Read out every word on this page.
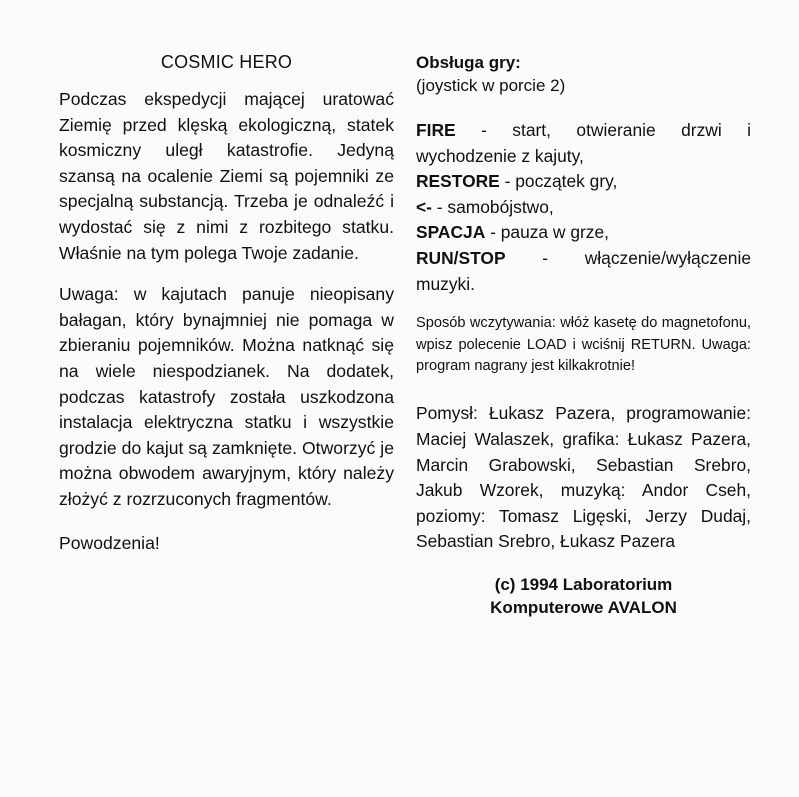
COSMIC HERO

Podczas ekspedycji mającej uratować Ziemię przed klęską ekologiczną, statek kosmiczny uległ katastrofie. Jedyną szansą na ocalenie Ziemi są pojemniki ze specjalną substancją. Trzeba je odnaleźć i wydostać się z nimi z rozbitego statku. Właśnie na tym polega Twoje zadanie.

Uwaga: w kajutach panuje nieopisany bałagan, który bynajmniej nie pomaga w zbieraniu pojemników. Można natknąć się na wiele niespodzianek. Na dodatek, podczas katastrofy została uszkodzona instalacja elektryczna statku i wszystkie grodzie do kajut są zamknięte. Otworzyć je można obwodem awaryjnym, który należy złożyć z rozrzuconych fragmentów.

Powodzenia!

Obsługa gry:

(joystick w porcie 2)

FIRE - start, otwieranie drzwi i wychodzenie z kajuty,
RESTORE - początek gry,
<- - samobójstwo,
SPACJA - pauza w grze,
RUN/STOP - włączenie/wyłączenie muzyki.

Sposób wczytywania: włóż kasetę do magnetofonu, wpisz polecenie LOAD i wciśnij RETURN. Uwaga: program nagrany jest kilkakrotnie!

Pomysł: Łukasz Pazera, programowanie: Maciej Walaszek, grafika: Łukasz Pazera, Marcin Grabowski, Sebastian Srebro, Jakub Wzorek, muzyką: Andor Cseh, poziomy: Tomasz Ligęski, Jerzy Dudaj, Sebastian Srebro, Łukasz Pazera

(c) 1994 Laboratorium

Komputerowe AVALON
